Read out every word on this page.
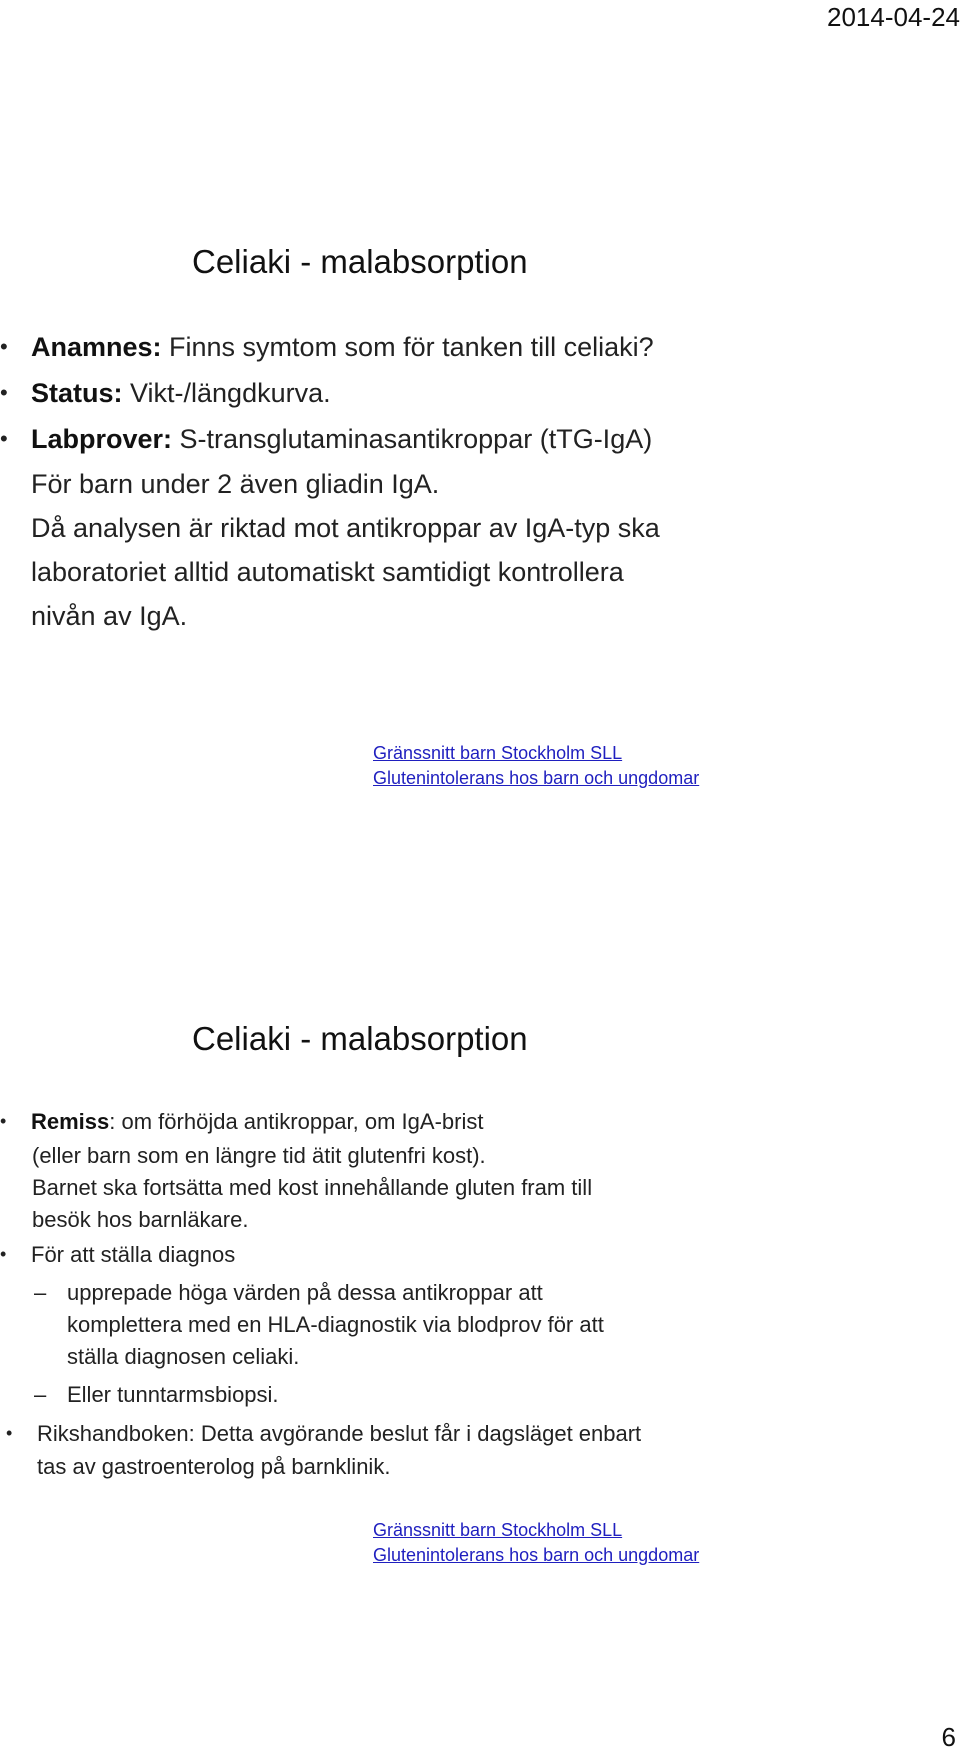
2014-04-24
Celiaki - malabsorption
• Anamnes: Finns symtom som för tanken till celiaki?
• Status: Vikt-/längdkurva.
• Labprover: S-transglutaminasantikroppar (tTG-IgA)
För barn under 2 även gliadin IgA.
Då analysen är riktad mot antikroppar av IgA-typ ska
laboratoriet alltid automatiskt samtidigt kontrollera
nivån av IgA.
Gränssnitt barn Stockholm SLL
Glutenintolerans hos barn och ungdomar
Celiaki - malabsorption
• Remiss: om förhöjda antikroppar, om IgA-brist
(eller barn som en längre tid ätit glutenfri kost).
Barnet ska fortsätta med kost innehållande gluten fram till
besök hos barnläkare.
• För att ställa diagnos
– upprepade höga värden på dessa antikroppar att
komplettera med en HLA-diagnostik via blodprov för att
ställa diagnosen celiaki.
– Eller tunntarmsbiopsi.
• Rikshandboken: Detta avgörande beslut får i dagsläget enbart
tas av gastroenterolog på barnklinik.
Gränssnitt barn Stockholm SLL
Glutenintolerans hos barn och ungdomar
6
